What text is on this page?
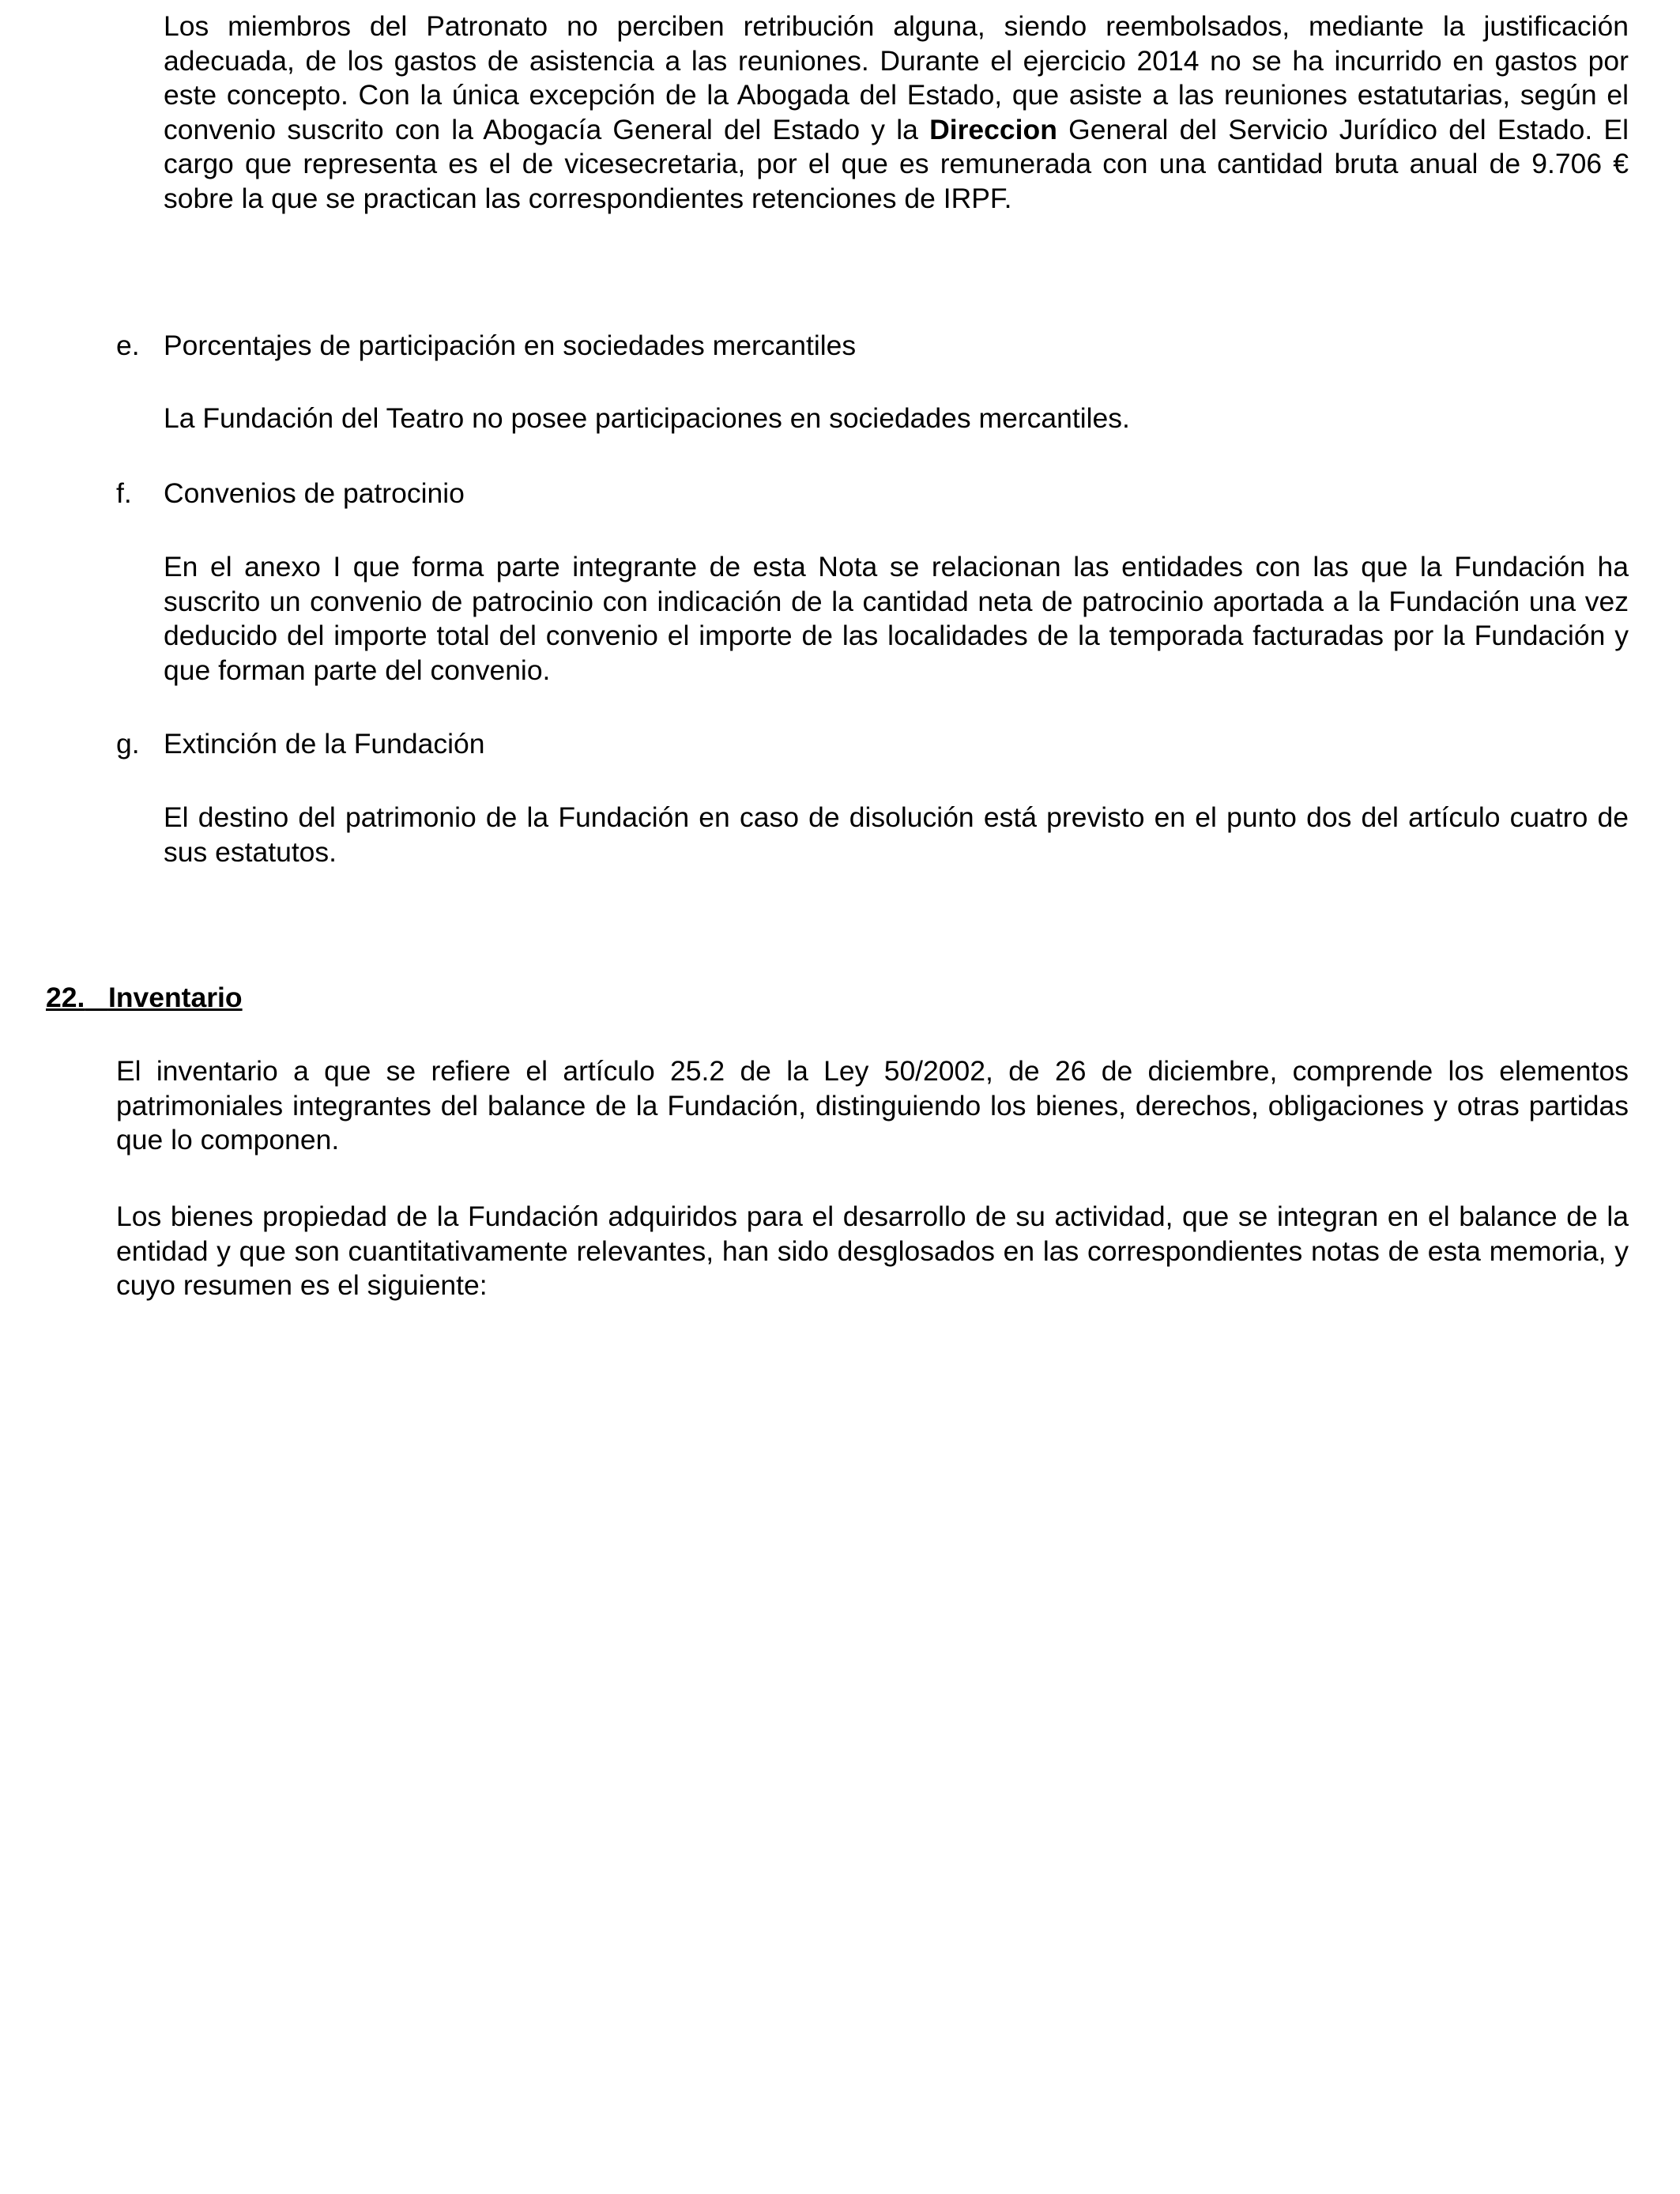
Los miembros del Patronato no perciben retribución alguna, siendo reembolsados, mediante la justificación adecuada, de los gastos de asistencia a las reuniones. Durante el ejercicio 2014 no se ha incurrido en gastos por este concepto. Con la única excepción de la Abogada del Estado, que asiste a las reuniones estatutarias, según el convenio suscrito con la Abogacía General del Estado y la Direccion General del Servicio Jurídico del Estado. El cargo que representa es el de vicesecretaria, por el que es remunerada con una cantidad bruta anual de 9.706 € sobre la que se practican las correspondientes retenciones de IRPF.

e. Porcentajes de participación en sociedades mercantiles

La Fundación del Teatro no posee participaciones en sociedades mercantiles.

f. Convenios de patrocinio

En el anexo I que forma parte integrante de esta Nota se relacionan las entidades con las que la Fundación ha suscrito un convenio de patrocinio con indicación de la cantidad neta de patrocinio aportada a la Fundación una vez deducido del importe total del convenio el importe de las localidades de la temporada facturadas por la Fundación y que forman parte del convenio.

g. Extinción de la Fundación

El destino del patrimonio de la Fundación en caso de disolución está previsto en el punto dos del artículo cuatro de sus estatutos.

22. Inventario

El inventario a que se refiere el artículo 25.2 de la Ley 50/2002, de 26 de diciembre, comprende los elementos patrimoniales integrantes del balance de la Fundación, distinguiendo los bienes, derechos, obligaciones y otras partidas que lo componen.

Los bienes propiedad de la Fundación adquiridos para el desarrollo de su actividad, que se integran en el balance de la entidad y que son cuantitativamente relevantes, han sido desglosados en las correspondientes notas de esta memoria, y cuyo resumen es el siguiente:
